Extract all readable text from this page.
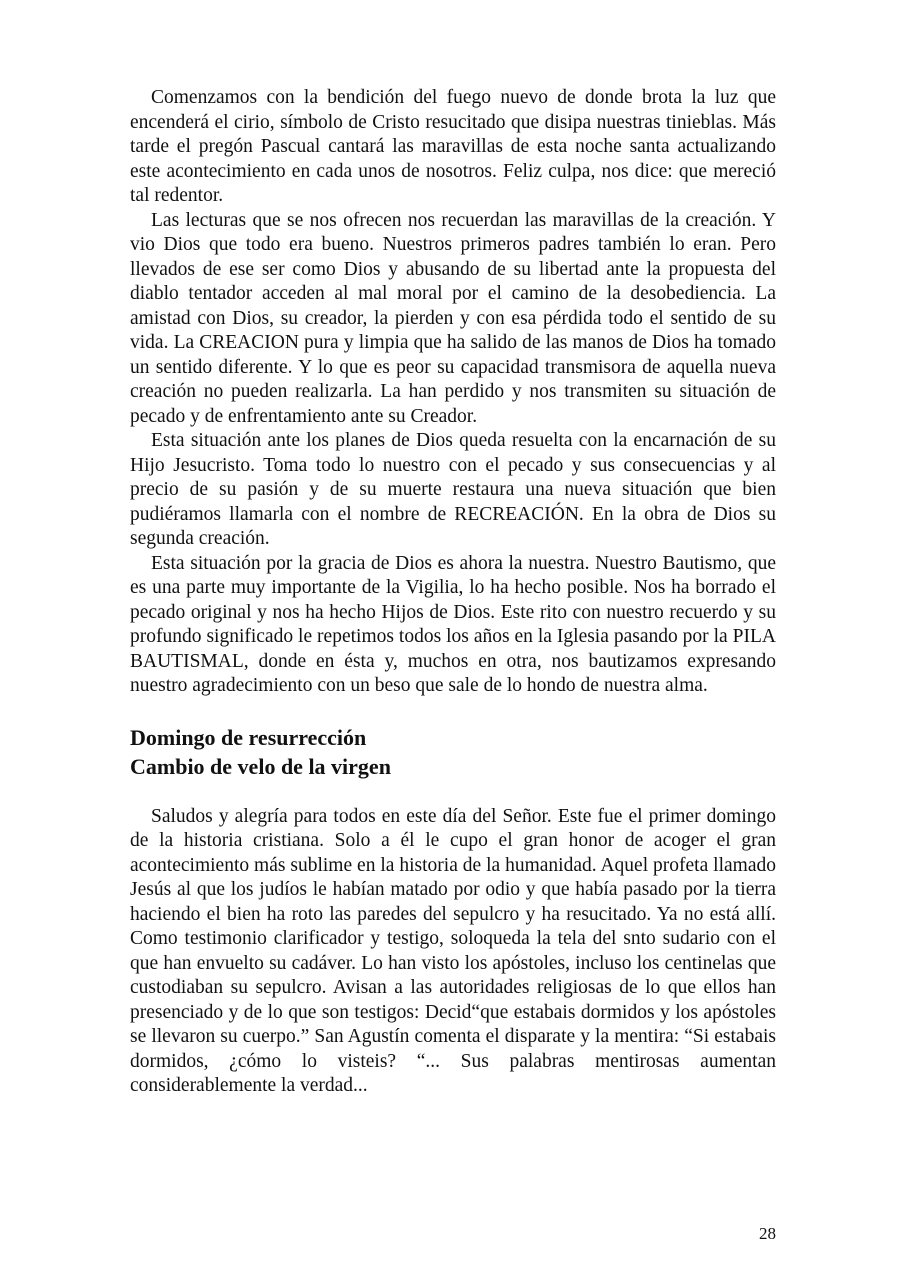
Comenzamos con la bendición del fuego nuevo de donde brota la luz que encenderá el cirio, símbolo de Cristo resucitado que disipa nuestras tinieblas. Más tarde el pregón Pascual cantará las maravillas de esta noche santa actualizando este acontecimiento en cada unos de nosotros. Feliz culpa, nos dice: que mereció tal redentor.

Las lecturas que se nos ofrecen nos recuerdan las maravillas de la creación. Y vio Dios que todo era bueno. Nuestros primeros padres también lo eran. Pero llevados de ese ser como Dios y abusando de su libertad ante la propuesta del diablo tentador acceden al mal moral por el camino de la desobediencia. La amistad con Dios, su creador, la pierden y con esa pérdida todo el sentido de su vida. La CREACION pura y limpia que ha salido de las manos de Dios ha tomado un sentido diferente. Y lo que es peor su capacidad transmisora de aquella nueva creación no pueden realizarla. La han perdido y nos transmiten su situación de pecado y de enfrentamiento ante su Creador.

Esta situación ante los planes de Dios queda resuelta con la encarnación de su Hijo Jesucristo. Toma todo lo nuestro con el pecado y sus consecuencias y al precio de su pasión y de su muerte restaura una nueva situación que bien pudiéramos llamarla con el nombre de RECREACIÓN. En la obra de Dios su segunda creación.

Esta situación por la gracia de Dios es ahora la nuestra. Nuestro Bautismo, que es una parte muy importante de la Vigilia, lo ha hecho posible. Nos ha borrado el pecado original y nos ha hecho Hijos de Dios. Este rito con nuestro recuerdo y su profundo significado le repetimos todos los años en la Iglesia pasando por la PILA BAUTISMAL, donde en ésta y, muchos en otra, nos bautizamos expresando nuestro agradecimiento con un beso que sale de lo hondo de nuestra alma.

Domingo de resurrección
Cambio de velo de la virgen

Saludos y alegría para todos en este día del Señor. Este fue el primer domingo de la historia cristiana. Solo a él le cupo el gran honor de acoger el gran acontecimiento más sublime en la historia de la humanidad. Aquel profeta llamado Jesús al que los judíos le habían matado por odio y que había pasado por la tierra haciendo el bien ha roto las paredes del sepulcro y ha resucitado. Ya no está allí. Como testimonio clarificador y testigo, soloqueda la tela del snto sudario con el que han envuelto su cadáver. Lo han visto los apóstoles, incluso los centinelas que custodiaban su sepulcro. Avisan a las autoridades religiosas de lo que ellos han presenciado y de lo que son testigos: Decid“que estabais dormidos y los apóstoles se llevaron su cuerpo.” San Agustín comenta el disparate y la mentira: “Si estabais dormidos, ¿cómo lo visteis? “... Sus palabras mentirosas aumentan considerablemente la verdad...

28
